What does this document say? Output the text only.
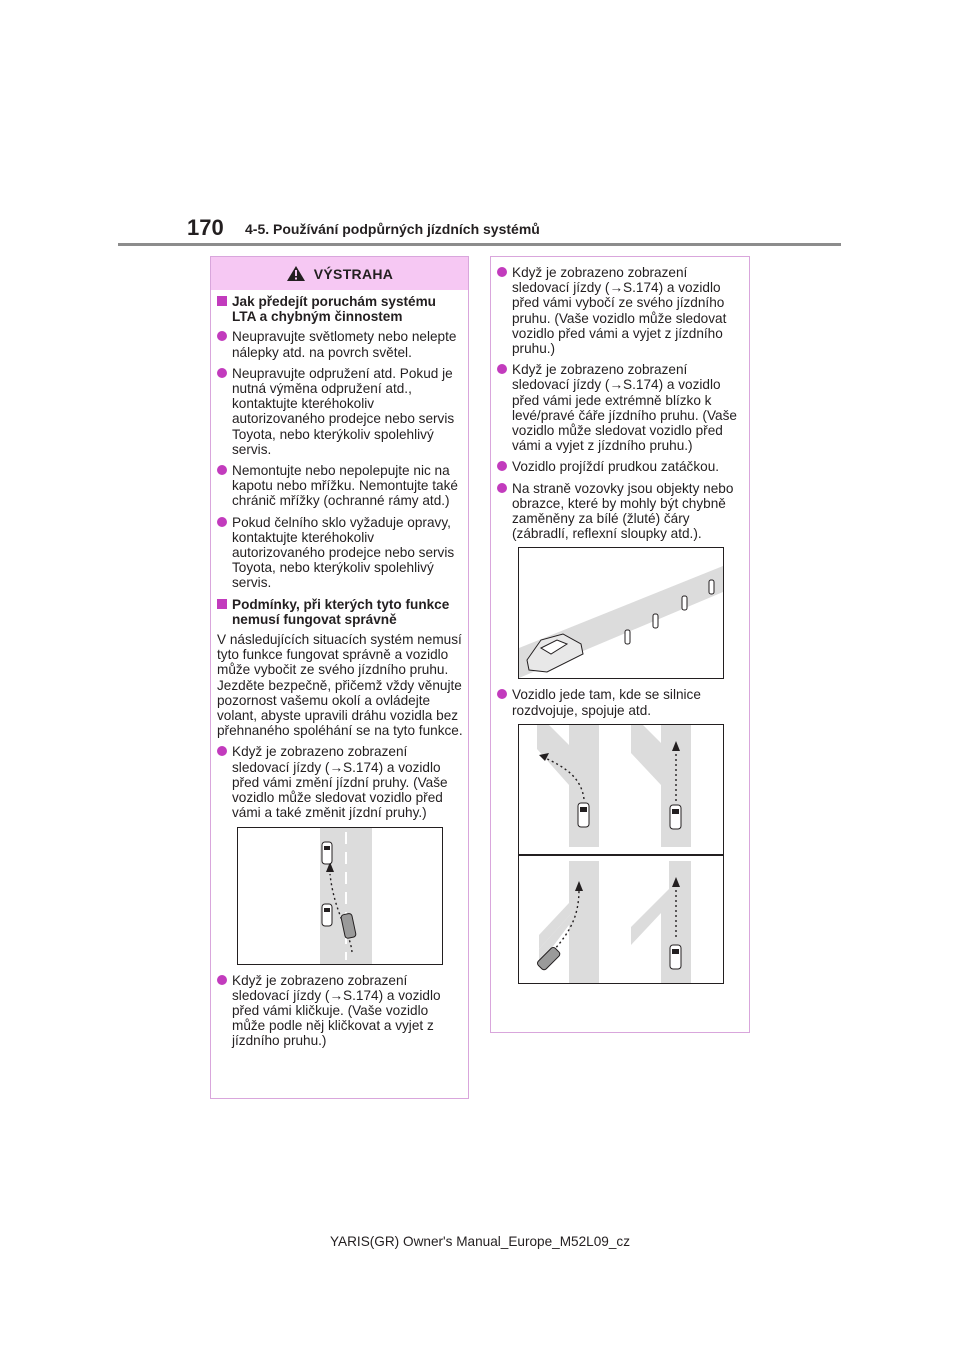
170 4-5. Používání podpůrných jízdních systémů
VÝSTRAHA
Jak předejít poruchám systému LTA a chybným činnostem
Neupravujte světlomety nebo nelepte nálepky atd. na povrch světel.
Neupravujte odpružení atd. Pokud je nutná výměna odpružení atd., kontaktujte kteréhokoliv autorizovaného prodejce nebo servis Toyota, nebo kterýkoliv spolehlivý servis.
Nemontujte nebo nepolepujte nic na kapotu nebo mřížku. Nemontujte také chránič mřížky (ochranné rámy atd.)
Pokud čelního sklo vyžaduje opravy, kontaktujte kteréhokoliv autorizovaného prodejce nebo servis Toyota, nebo kterýkoliv spolehlivý servis.
Podmínky, při kterých tyto funkce nemusí fungovat správně
V následujících situacích systém nemusí tyto funkce fungovat správně a vozidlo může vybočit ze svého jízdního pruhu. Jezděte bezpečně, přičemž vždy věnujte pozornost vašemu okolí a ovládejte volant, abyste upravili dráhu vozidla bez přehnaného spoléhání se na tyto funkce.
Když je zobrazeno zobrazení sledovací jízdy (→S.174) a vozidlo před vámi změní jízdní pruhy. (Vaše vozidlo může sledovat vozidlo před vámi a také změnit jízdní pruhy.)
Když je zobrazeno zobrazení sledovací jízdy (→S.174) a vozidlo před vámi kličkuje. (Vaše vozidlo může podle něj kličkovat a vyjet z jízdního pruhu.)
Když je zobrazeno zobrazení sledovací jízdy (→S.174) a vozidlo před vámi vybočí ze svého jízdního pruhu. (Vaše vozidlo může sledovat vozidlo před vámi a vyjet z jízdního pruhu.)
Když je zobrazeno zobrazení sledovací jízdy (→S.174) a vozidlo před vámi jede extrémně blízko k levé/pravé čáře jízdního pruhu. (Vaše vozidlo může sledovat vozidlo před vámi a vyjet z jízdního pruhu.)
Vozidlo projíždí prudkou zatáčkou.
Na straně vozovky jsou objekty nebo obrazce, které by mohly být chybně zaměněny za bílé (žluté) čáry (zábradlí, reflexní sloupky atd.).
Vozidlo jede tam, kde se silnice rozdvojuje, spojuje atd.
YARIS(GR) Owner's Manual_Europe_M52L09_cz
